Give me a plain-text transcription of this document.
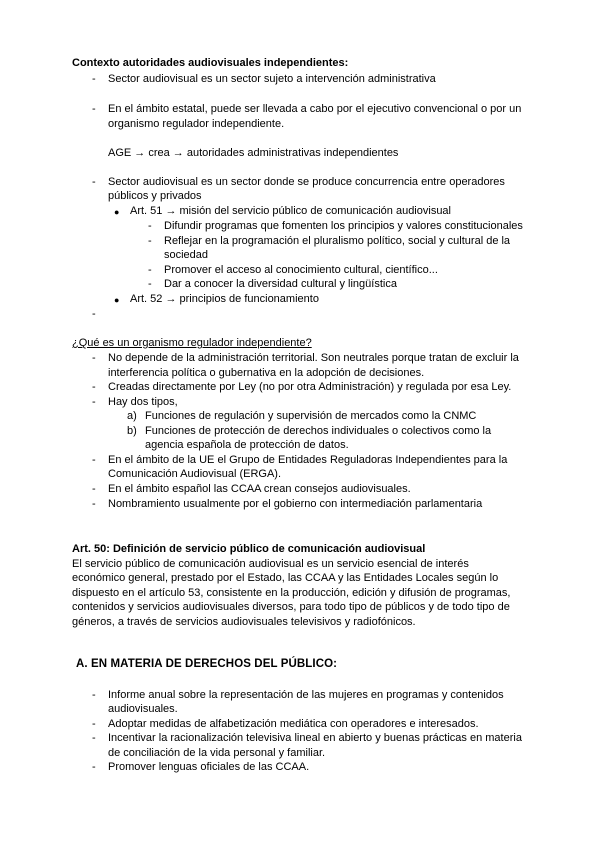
Contexto autoridades audiovisuales independientes:
- Sector audiovisual es un sector sujeto a intervención administrativa
- En el ámbito estatal, puede ser llevada a cabo por el ejecutivo convencional o por un
organismo regulador independiente.
AGE → crea → autoridades administrativas independientes
- Sector audiovisual es un sector donde se produce concurrencia entre operadores
públicos y privados
● Art. 51 → misión del servicio público de comunicación audiovisual
- Difundir programas que fomenten los principios y valores constitucionales
- Reflejar en la programación el pluralismo político, social y cultural de la
sociedad
- Promover el acceso al conocimiento cultural, científico...
- Dar a conocer la diversidad cultural y lingüística
● Art. 52 → principios de funcionamiento
-
¿Qué es un organismo regulador independiente?
- No depende de la administración territorial. Son neutrales porque tratan de excluir la
interferencia política o gubernativa en la adopción de decisiones.
- Creadas directamente por Ley (no por otra Administración) y regulada por esa Ley.
- Hay dos tipos,
a) Funciones de regulación y supervisión de mercados como la CNMC
b) Funciones de protección de derechos individuales o colectivos como la
agencia española de protección de datos.
- En el ámbito de la UE el Grupo de Entidades Reguladoras Independientes para la
Comunicación Audiovisual (ERGA).
- En el ámbito español las CCAA crean consejos audiovisuales.
- Nombramiento usualmente por el gobierno con intermediación parlamentaria
Art. 50: Definición de servicio público de comunicación audiovisual
El servicio público de comunicación audiovisual es un servicio esencial de interés
económico general, prestado por el Estado, las CCAA y las Entidades Locales según lo
dispuesto en el artículo 53, consistente en la producción, edición y difusión de programas,
contenidos y servicios audiovisuales diversos, para todo tipo de públicos y de todo tipo de
géneros, a través de servicios audiovisuales televisivos y radiofónicos.
A. EN MATERIA DE DERECHOS DEL PÚBLICO:
- Informe anual sobre la representación de las mujeres en programas y contenidos
audiovisuales.
- Adoptar medidas de alfabetización mediática con operadores e interesados.
- Incentivar la racionalización televisiva lineal en abierto y buenas prácticas en materia
de conciliación de la vida personal y familiar.
- Promover lenguas oficiales de las CCAA.
